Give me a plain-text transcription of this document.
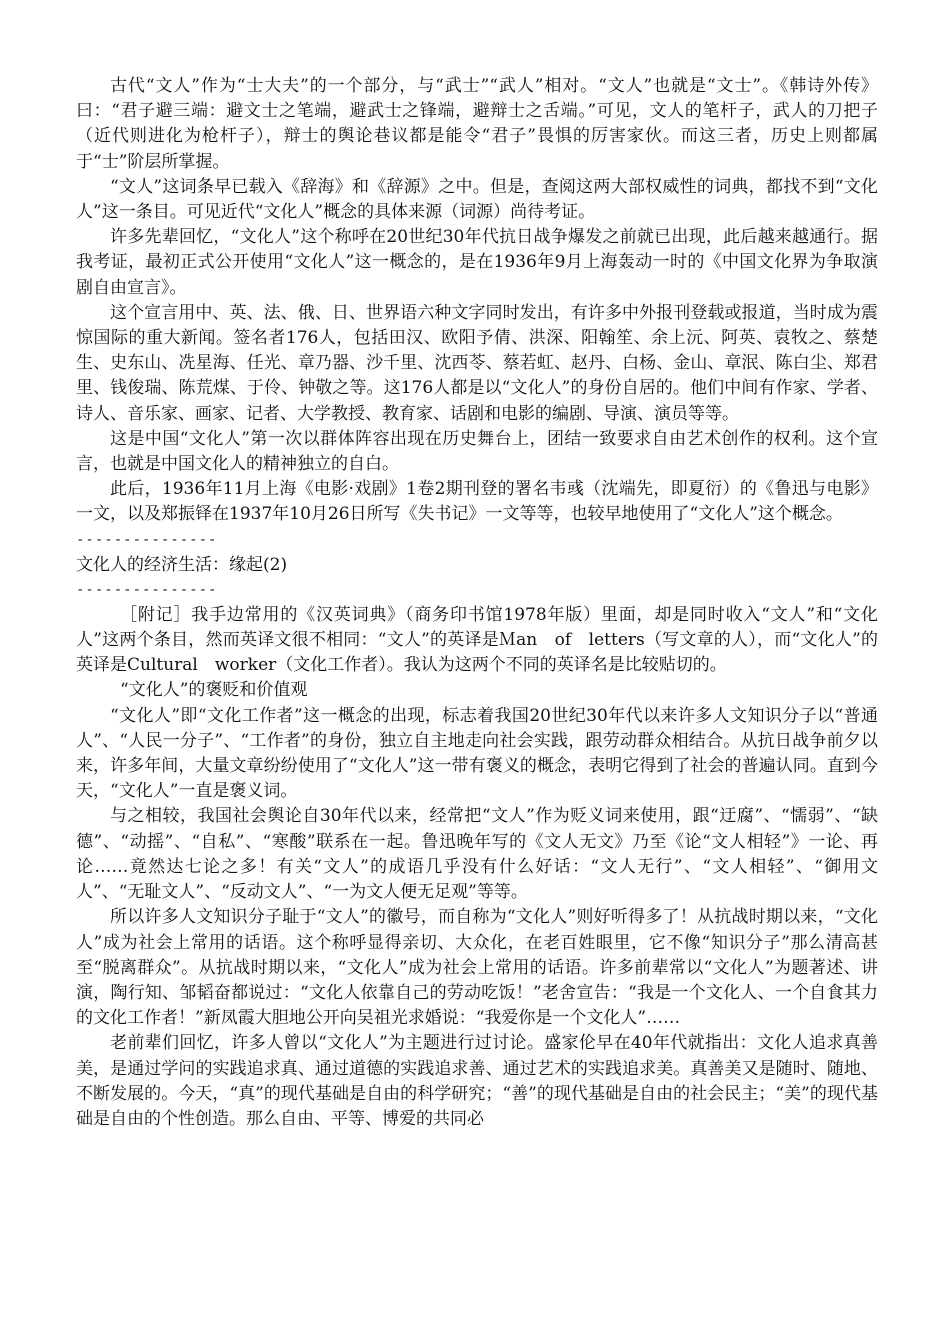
古代“文人”作为“士大夫”的一个部分，与“武士”“武人”相对。“文人”也就是“文士”。《韩诗外传》曰：“君子避三端：避文士之笔端，避武士之锋端，避辩士之舌端。”可见，文人的笔杆子，武人的刀把子（近代则进化为枪杆子），辩士的舆论巷议都是能令“君子”畏惧的厉害家伙。而这三者，历史上则都属于“士”阶层所掌握。

“文人”这词条早已载入《辞海》和《辞源》之中。但是，查阅这两大部权威性的词典，都找不到“文化人”这一条目。可见近代“文化人”概念的具体来源（词源）尚待考证。

许多先辈回忆，“文化人”这个称呼在20世纪30年代抗日战争爆发之前就已出现，此后越来越通行。据我考证，最初正式公开使用“文化人”这一概念的，是在1936年9月上海轰动一时的《中国文化界为争取演剧自由宣言》。

这个宣言用中、英、法、俄、日、世界语六种文字同时发出，有许多中外报刊登载或报道，当时成为震惊国际的重大新闻。签名者176人，包括田汉、欧阳予倩、洪深、阳翰笙、余上沅、阿英、袁牧之、蔡楚生、史东山、冼星海、任光、章乃器、沙千里、沈西苓、蔡若虹、赵丹、白杨、金山、章泯、陈白尘、郑君里、钱俊瑞、陈荒煤、于伶、钟敬之等。这176人都是以“文化人”的身份自居的。他们中间有作家、学者、诗人、音乐家、画家、记者、大学教授、教育家、话剧和电影的编剧、导演、演员等等。

这是中国“文化人”第一次以群体阵容出现在历史舞台上，团结一致要求自由艺术创作的权利。这个宣言，也就是中国文化人的精神独立的自白。

此后，1936年11月上海《电影·戏剧》1卷2期刊登的署名韦彧（沈端先，即夏衍）的《鲁迅与电影》一文，以及郑振铎在1937年10月26日所写《失书记》一文等等，也较早地使用了“文化人”这个概念。

---------------
文化人的经济生活：缘起(2)
---------------

［附记］我手边常用的《汉英词典》（商务印书馆1978年版）里面，却是同时收入“文人”和“文化人”这两个条目，然而英译文很不相同：“文人”的英译是Ｍan　of　letters（写文章的人），而“文化人”的英译是Cultural　worker（文化工作者）。我认为这两个不同的英译名是比较贴切的。

“文化人”的褒贬和价值观

“文化人”即“文化工作者”这一概念的出现，标志着我国20世纪30年代以来许多人文知识分子以“普通人”、“人民一分子”、“工作者”的身份，独立自主地走向社会实践，跟劳动群众相结合。从抗日战争前夕以来，许多年间，大量文章纷纷使用了“文化人”这一带有褒义的概念，表明它得到了社会的普遍认同。直到今天，“文化人”一直是褒义词。

与之相较，我国社会舆论自30年代以来，经常把“文人”作为贬义词来使用，跟“迂腐”、“懦弱”、“缺德”、“动摇”、“自私”、“寒酸”联系在一起。鲁迅晚年写的《文人无文》乃至《论“文人相轻”》一论、再论……竟然达七论之多！有关“文人”的成语几乎没有什么好话：“文人无行”、“文人相轻”、“御用文人”、“无耻文人”、“反动文人”、“一为文人便无足观”等等。

所以许多人文知识分子耻于“文人”的徽号，而自称为“文化人”则好听得多了！从抗战时期以来，“文化人”成为社会上常用的话语。这个称呼显得亲切、大众化，在老百姓眼里，它不像“知识分子”那么清高甚至“脱离群众”。从抗战时期以来，“文化人”成为社会上常用的话语。许多前辈常以“文化人”为题著述、讲演，陶行知、邹韬奋都说过：“文化人依靠自己的劳动吃饭！”老舍宣告：“我是一个文化人、一个自食其力的文化工作者！”新凤霞大胆地公开向吴祖光求婚说：“我爱你是一个文化人”……

老前辈们回忆，许多人曾以“文化人”为主题进行过讨论。盛家伦早在40年代就指出：文化人追求真善美，是通过学问的实践追求真、通过道德的实践追求善、通过艺术的实践追求美。真善美又是随时、随地、不断发展的。今天，“真”的现代基础是自由的科学研究；“善”的现代基础是自由的社会民主；“美”的现代基础是自由的个性创造。那么自由、平等、博爱的共同必
